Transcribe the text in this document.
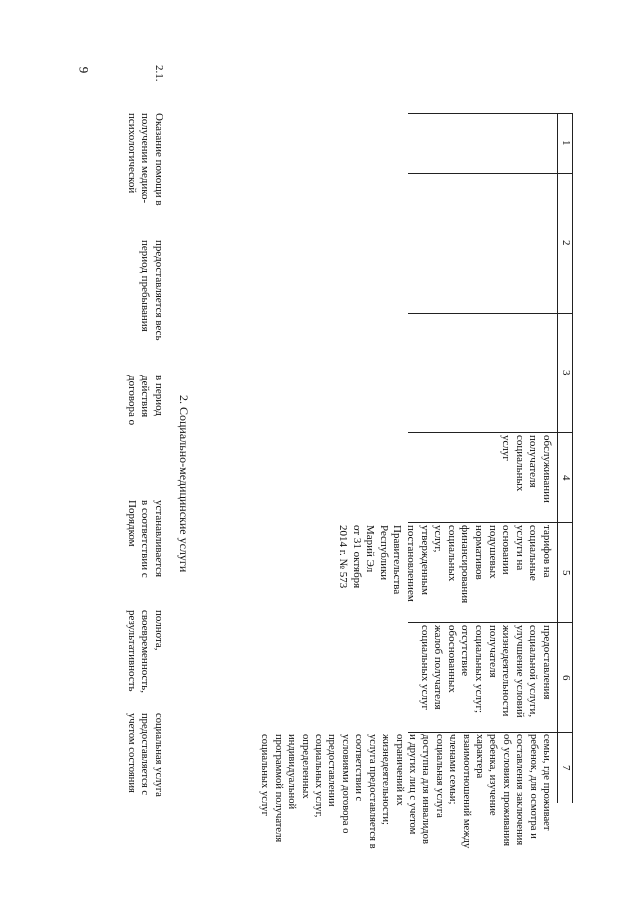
9
1
2
3
4
5
6
7
обслуживании
получателя
социальных
услуг
тарифов на
социальные
услуги на
основании
подушевых
нормативов
финансирования
социальных
услуг,
утвержденным
постановлением
Правительства
Республики
Марий Эл
от 31 октября
2014 г. № 573
предоставления
социальной услуги,
улучшение условий
жизнедеятельности
получателя
социальных услуг;
отсутствие
обоснованных
жалоб получателя
социальных услуг
семьи, где проживает
ребенок, для осмотра и
составления заключения
об условиях проживания
ребенка, изучение
характера
взаимоотношений между
членами семьи;
социальная услуга
доступна для инвалидов
и других лиц с учетом
ограничений их
жизнедеятельности;
услуга предоставляется в
соответствии с
условиями договора о
предоставлении
социальных услуг,
определенных
индивидуальной
программой получателя
социальных услуг
2. Социально-медицинские услуги
2.1.
Оказание помощи в
получении медико-
психологической
предоставляется весь
период пребывания
в период
действия
договора о
устанавливается
в соответствии с
Порядком
полнота,
своевременность,
результативность
социальная услуга
предоставляется с
учетом состояния
